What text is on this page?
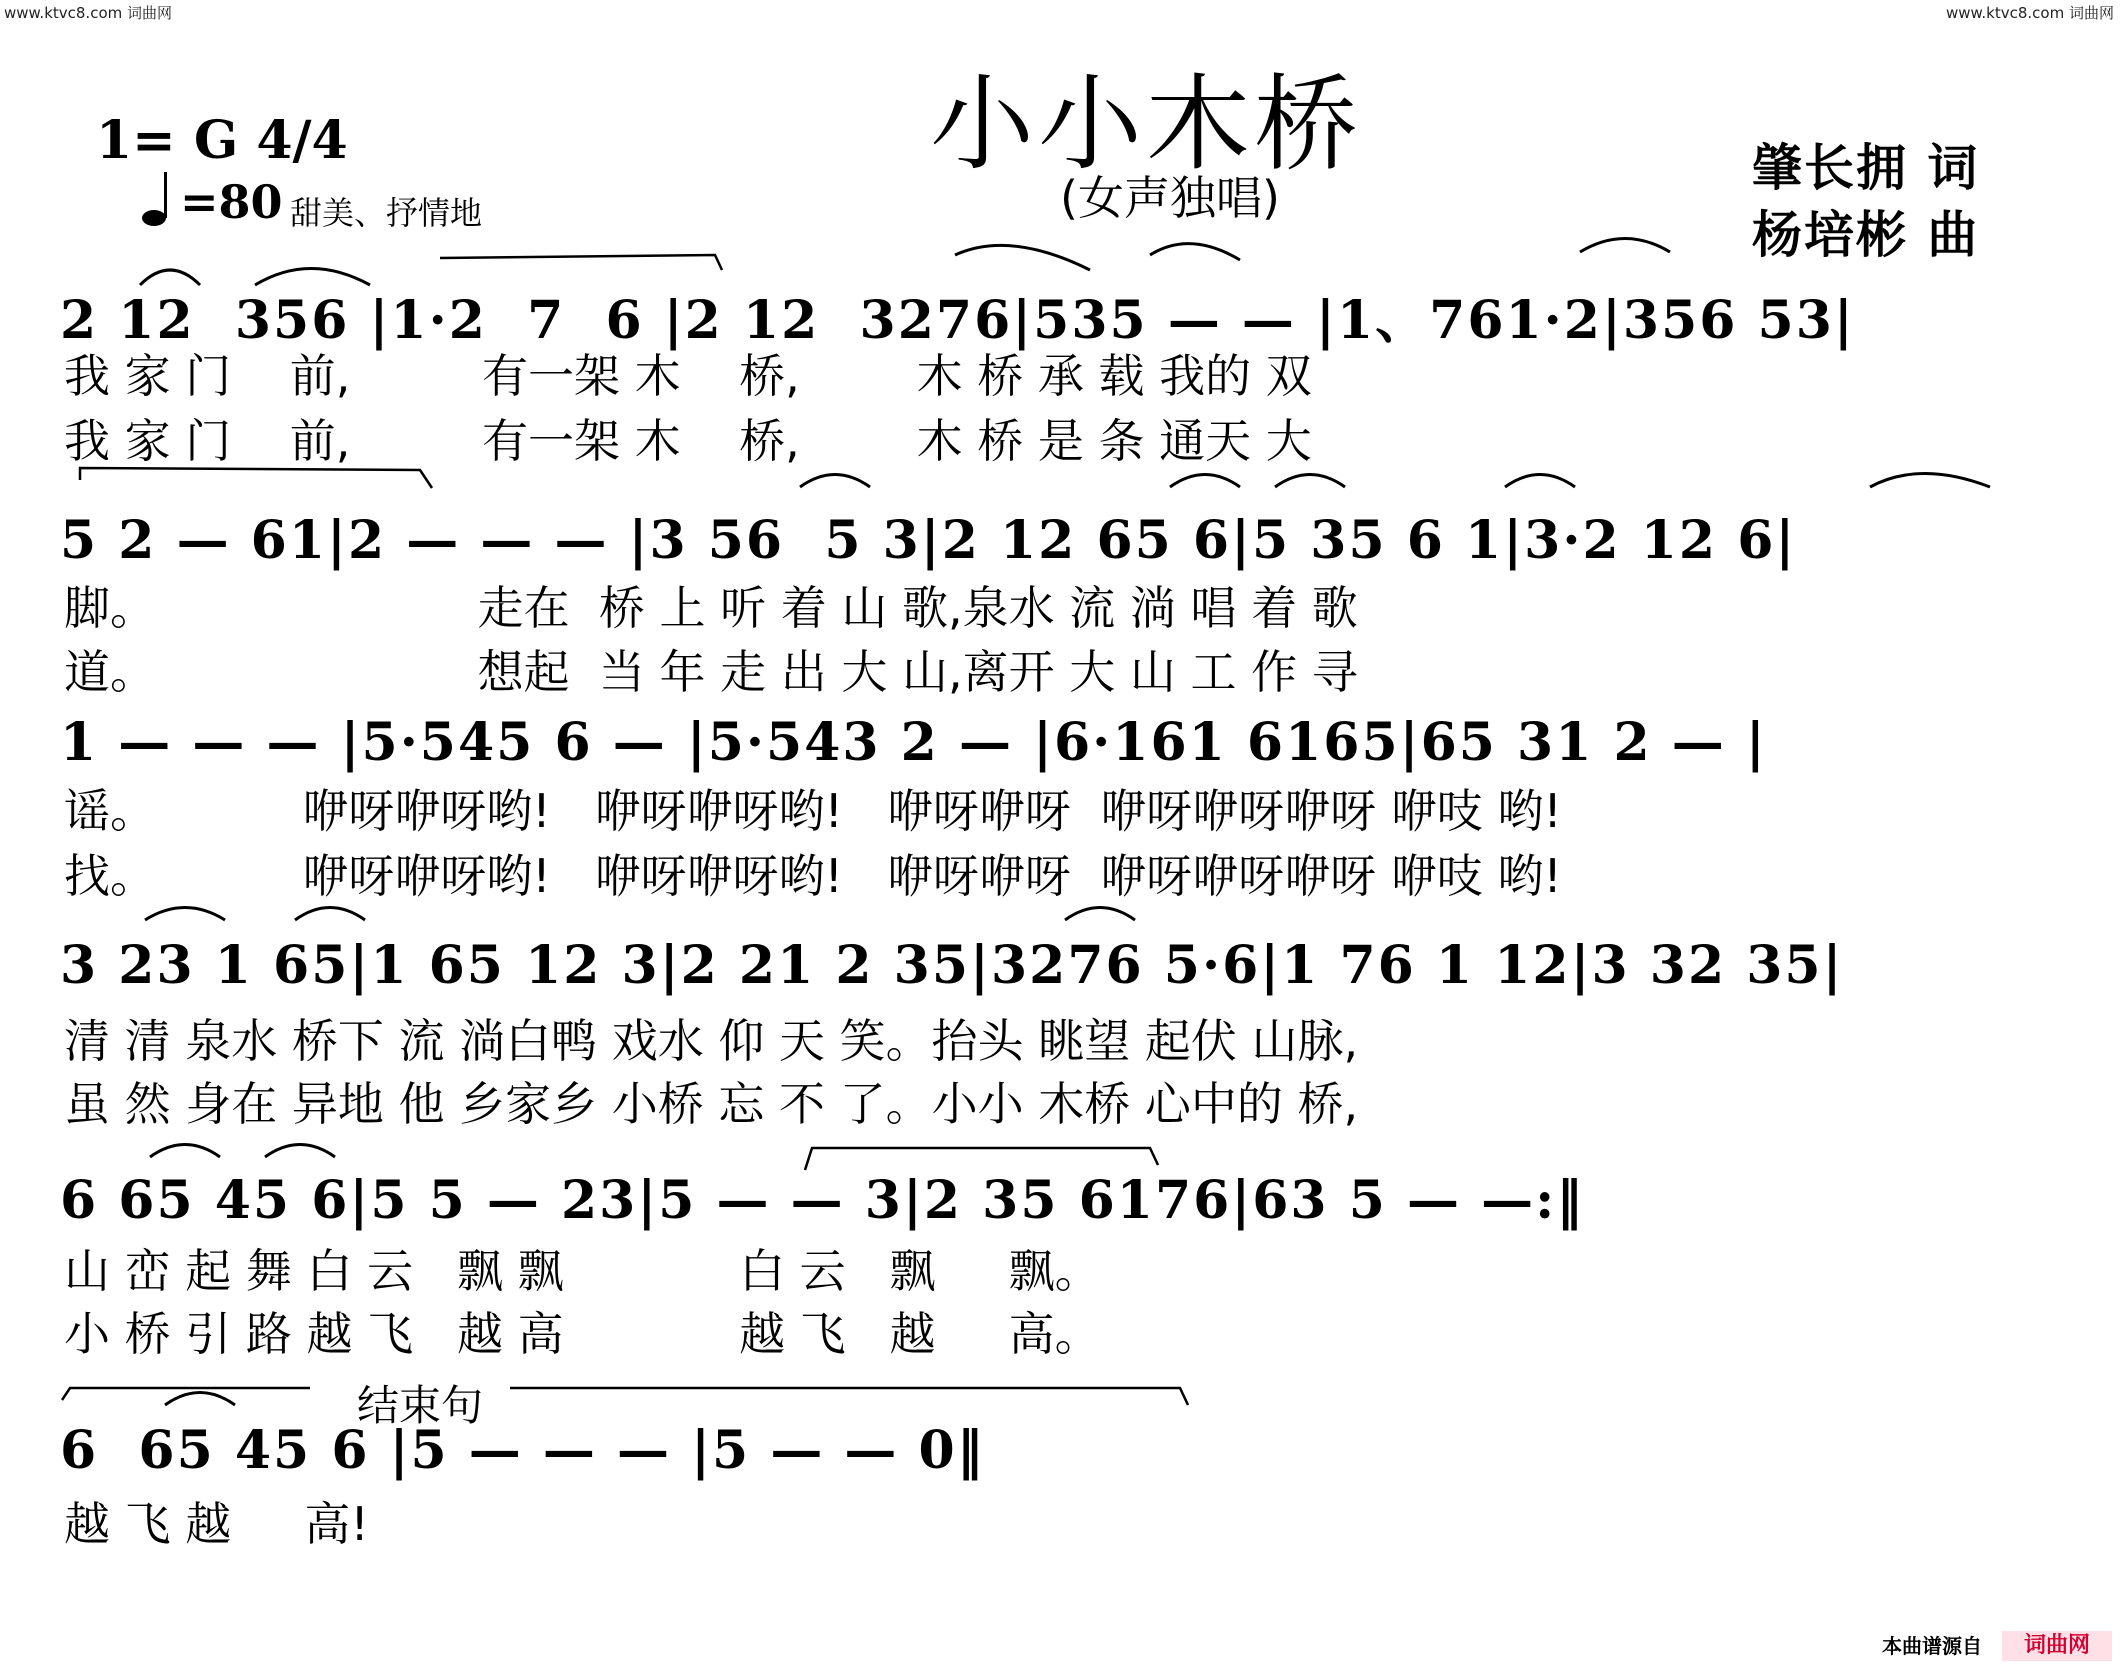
www.ktvc8.com 词曲网	www.ktvc8.com 词曲网
小小木桥
(女声独唱)
1= G 4/4
=80 甜美、抒情地
肇长拥 词
杨培彬 曲
2 12  356 |1·2  7  6 |2 12  3276|535 — — |1、761·2|356 53|
我 家 门    前,         有一架 木    桥,        木 桥 承 载 我的 双
我 家 门    前,         有一架 木    桥,        木 桥 是 条 通天 大
5 2 — 61|2 — — — |3 56  5 3|2 12 65 6|5 35 6 1|3·2 12 6|
脚。                      走在  桥 上 听 着 山 歌,泉水 流 淌 唱 着 歌
道。                      想起  当 年 走 出 大 山,离开 大 山 工 作 寻
1 — — — |5·545 6 — |5·543 2 — |6·161 6165|65 31 2 — |
谣。          咿呀咿呀哟!   咿呀咿呀哟!   咿呀咿呀  咿呀咿呀咿呀 咿吱 哟!
找。          咿呀咿呀哟!   咿呀咿呀哟!   咿呀咿呀  咿呀咿呀咿呀 咿吱 哟!
3 23 1 65|1 65 12 3|2 21 2 35|3276 5·6|1 76 1 12|3 32 35|
清 清 泉水 桥下 流 淌白鸭 戏水 仰 天 笑。抬头 眺望 起伏 山脉,
虽 然 身在 异地 他 乡家乡 小桥 忘 不 了。小小 木桥 心中的 桥,
6 65 45 6|5 5 — 23|5 — — 3|2 35 6176|63 5 — —:‖
山 峦 起 舞 白 云   飘 飘            白 云   飘     飘。
小 桥 引 路 越 飞   越 高            越 飞   越     高。
结束句
6  65 45 6 |5 — — — |5 — — 0‖
越 飞 越     高!
本曲谱源自	词曲网
